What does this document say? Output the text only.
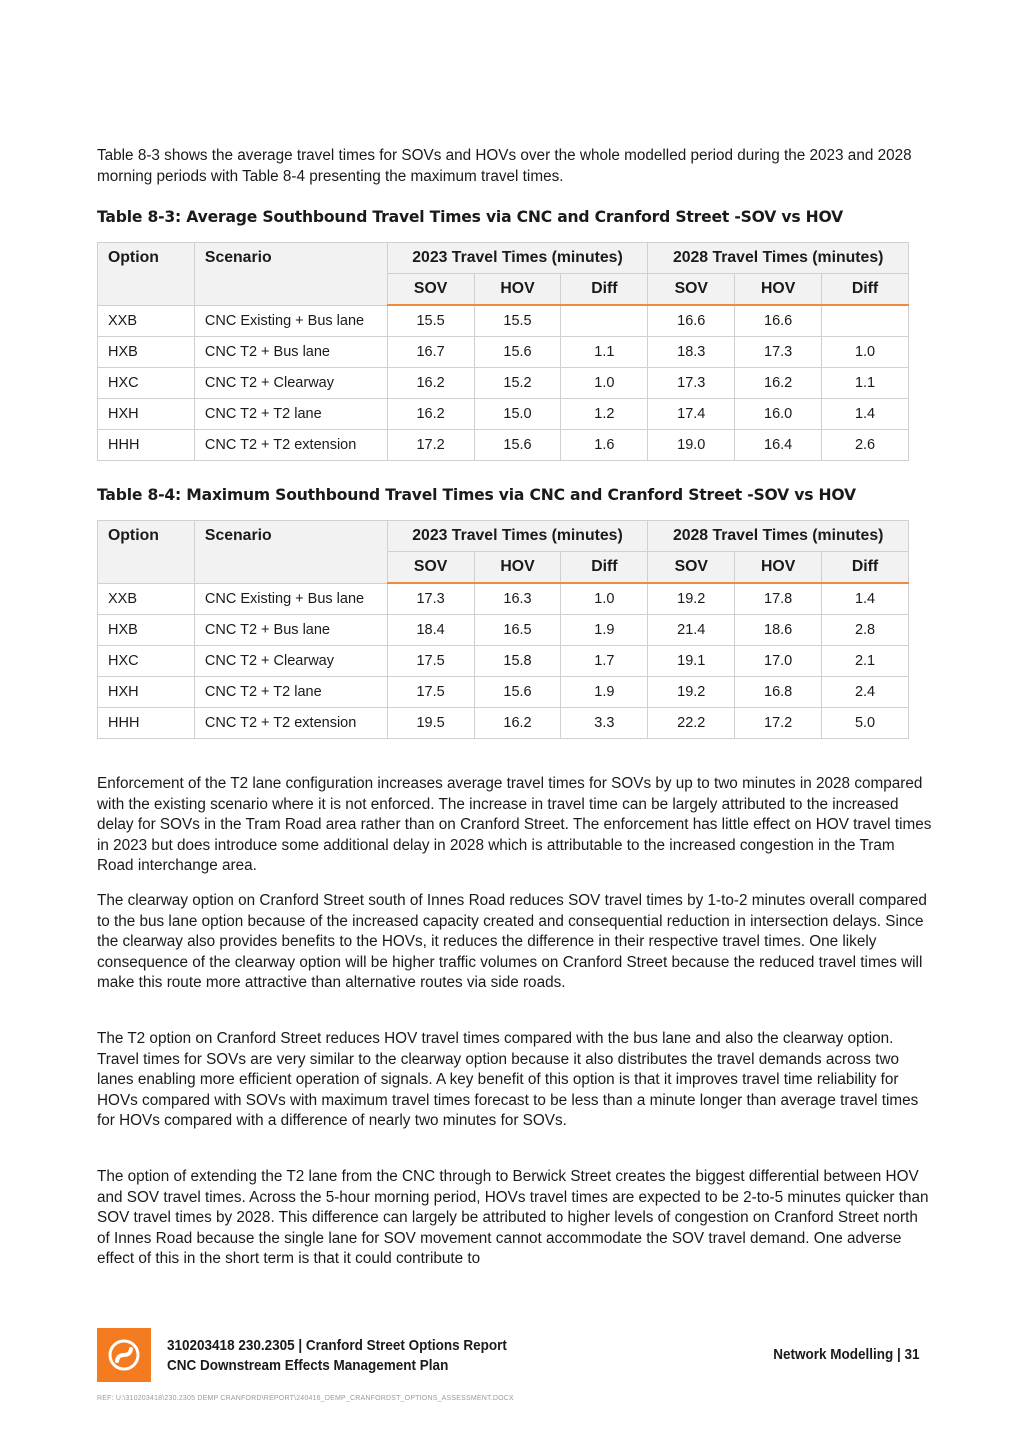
Table 8-3 shows the average travel times for SOVs and HOVs over the whole modelled period during the 2023 and 2028 morning periods with Table 8-4 presenting the maximum travel times.

Table 8-3: Average Southbound Travel Times via CNC and Cranford Street -SOV vs HOV

Option	Scenario	2023 Travel Times (minutes)			2028 Travel Times (minutes)		
		SOV	HOV	Diff	SOV	HOV	Diff
XXB	CNC Existing + Bus lane	15.5	15.5		16.6	16.6	
HXB	CNC T2 + Bus lane	16.7	15.6	1.1	18.3	17.3	1.0
HXC	CNC T2 + Clearway	16.2	15.2	1.0	17.3	16.2	1.1
HXH	CNC T2 + T2 lane	16.2	15.0	1.2	17.4	16.0	1.4
HHH	CNC T2 + T2 extension	17.2	15.6	1.6	19.0	16.4	2.6

Table 8-4: Maximum Southbound Travel Times via CNC and Cranford Street -SOV vs HOV

Option	Scenario	2023 Travel Times (minutes)			2028 Travel Times (minutes)		
		SOV	HOV	Diff	SOV	HOV	Diff
XXB	CNC Existing + Bus lane	17.3	16.3	1.0	19.2	17.8	1.4
HXB	CNC T2 + Bus lane	18.4	16.5	1.9	21.4	18.6	2.8
HXC	CNC T2 + Clearway	17.5	15.8	1.7	19.1	17.0	2.1
HXH	CNC T2 + T2 lane	17.5	15.6	1.9	19.2	16.8	2.4
HHH	CNC T2 + T2 extension	19.5	16.2	3.3	22.2	17.2	5.0

Enforcement of the T2 lane configuration increases average travel times for SOVs by up to two minutes in 2028 compared with the existing scenario where it is not enforced. The increase in travel time can be largely attributed to the increased delay for SOVs in the Tram Road area rather than on Cranford Street. The enforcement has little effect on HOV travel times in 2023 but does introduce some additional delay in 2028 which is attributable to the increased congestion in the Tram Road interchange area.

The clearway option on Cranford Street south of Innes Road reduces SOV travel times by 1-to-2 minutes overall compared to the bus lane option because of the increased capacity created and consequential reduction in intersection delays. Since the clearway also provides benefits to the HOVs, it reduces the difference in their respective travel times. One likely consequence of the clearway option will be higher traffic volumes on Cranford Street because the reduced travel times will make this route more attractive than alternative routes via side roads.

The T2 option on Cranford Street reduces HOV travel times compared with the bus lane and also the clearway option. Travel times for SOVs are very similar to the clearway option because it also distributes the travel demands across two lanes enabling more efficient operation of signals. A key benefit of this option is that it improves travel time reliability for HOVs compared with SOVs with maximum travel times forecast to be less than a minute longer than average travel times for HOVs compared with a difference of nearly two minutes for SOVs.

The option of extending the T2 lane from the CNC through to Berwick Street creates the biggest differential between HOV and SOV travel times. Across the 5-hour morning period, HOVs travel times are expected to be 2-to-5 minutes quicker than SOV travel times by 2028. This difference can largely be attributed to higher levels of congestion on Cranford Street north of Innes Road because the single lane for SOV movement cannot accommodate the SOV travel demand. One adverse effect of this in the short term is that it could contribute to

310203418 230.2305 | Cranford Street Options Report
CNC Downstream Effects Management Plan
Network Modelling | 31
REF: U:\310203418\230.2305 DEMP CRANFORD\REPORT\240416_DEMP_CRANFORDST_OPTIONS_ASSESSMENT.DOCX
